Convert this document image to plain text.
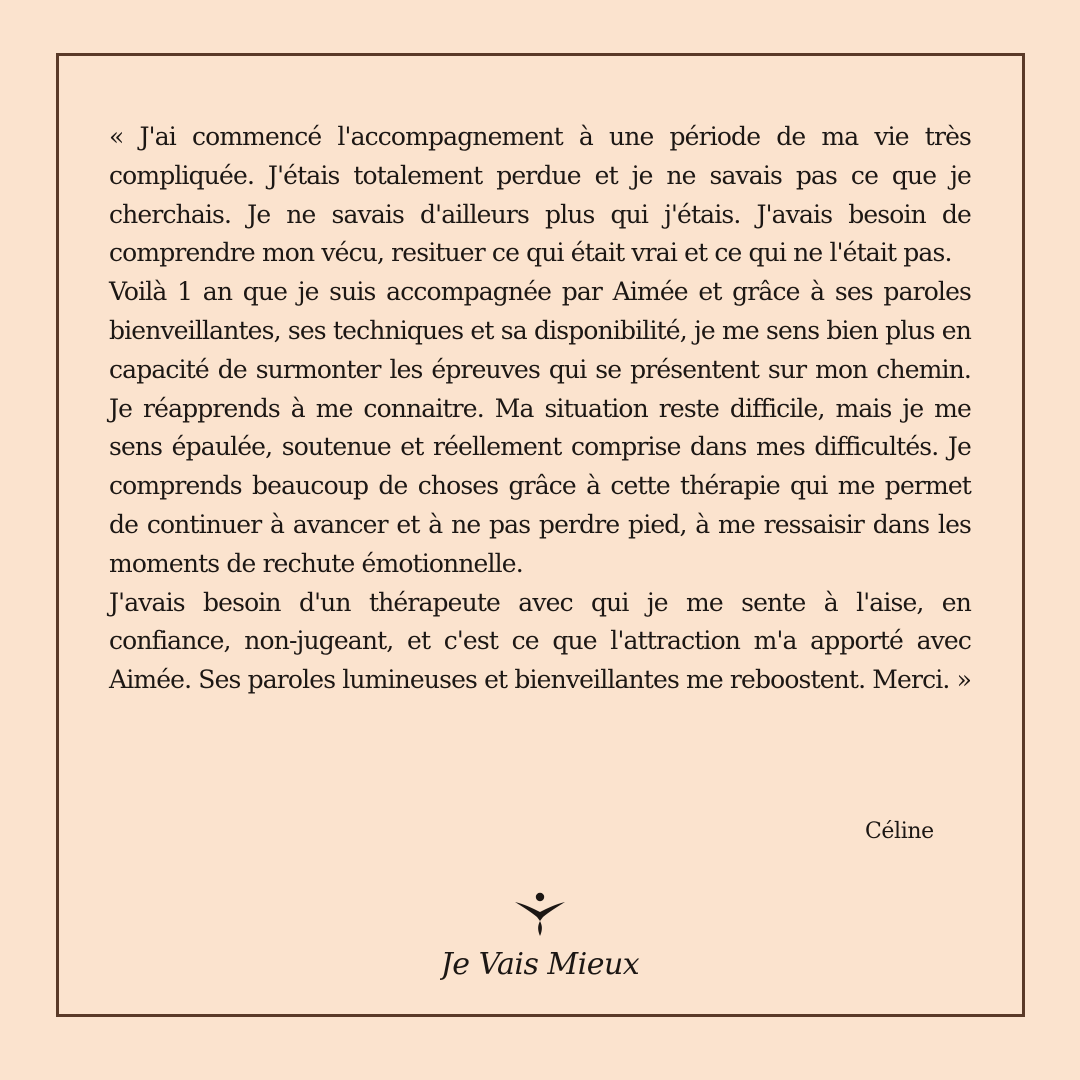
« J'ai commencé l'accompagnement à une période de ma vie très compliquée. J'étais totalement perdue et je ne savais pas ce que je cherchais. Je ne savais d'ailleurs plus qui j'étais. J'avais besoin de comprendre mon vécu, resituer ce qui était vrai et ce qui ne l'était pas.

Voilà 1 an que je suis accompagnée par Aimée et grâce à ses paroles bienveillantes, ses techniques et sa disponibilité, je me sens bien plus en capacité de surmonter les épreuves qui se présentent sur mon chemin. Je réapprends à me connaitre. Ma situation reste difficile, mais je me sens épaulée, soutenue et réellement comprise dans mes difficultés. Je comprends beaucoup de choses grâce à cette thérapie qui me permet de continuer à avancer et à ne pas perdre pied, à me ressaisir dans les moments de rechute émotionnelle.

J'avais besoin d'un thérapeute avec qui je me sente à l'aise, en confiance, non-jugeant, et c'est ce que l'attraction m'a apporté avec Aimée. Ses paroles lumineuses et bienveillantes me reboostent. Merci. »

Céline
Je Vais Mieux
